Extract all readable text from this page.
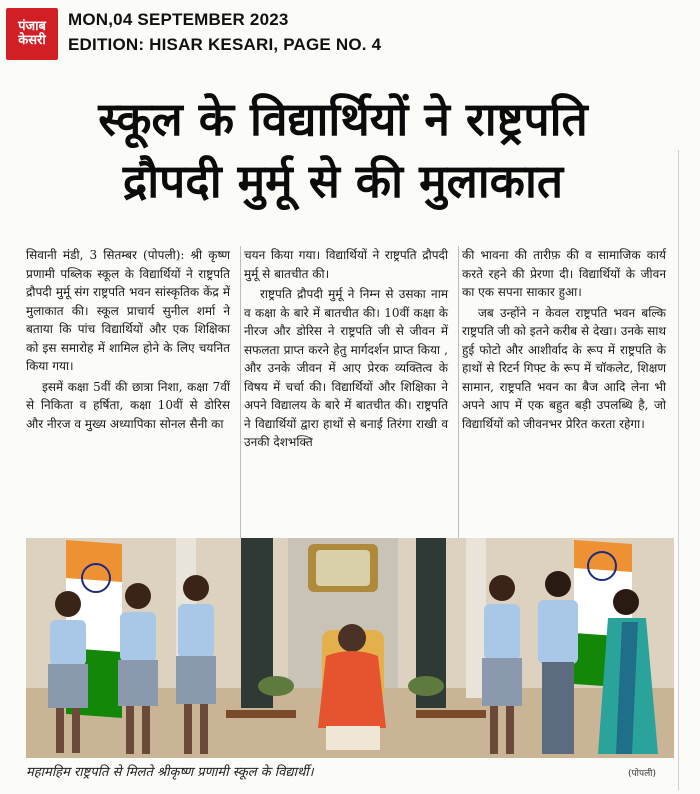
पंजाब
केसरी
MON,04 SEPTEMBER 2023
EDITION: HISAR KESARI, PAGE NO. 4
स्कूल के विद्यार्थियों ने राष्ट्रपति
द्रौपदी मुर्मू से की मुलाकात

सिवानी मंडी, 3 सितम्बर (पोपली): श्री कृष्ण प्रणामी पब्लिक स्कूल के विद्यार्थियों ने राष्ट्रपति द्रौपदी मुर्मू संग राष्ट्रपति भवन सांस्कृतिक केंद्र में मुलाकात की। स्कूल प्राचार्य सुनील शर्मा ने बताया कि पांच विद्यार्थियों और एक शिक्षिका को इस समारोह में शामिल होने के लिए चयनित किया गया।

इसमें कक्षा 5वीं की छात्रा निशा, कक्षा 7वीं से निकिता व हर्षिता, कक्षा 10वीं से डोरिस और नीरज व मुख्य अध्यापिका सोनल सैनी का

चयन किया गया। विद्यार्थियों ने राष्ट्रपति द्रौपदी मुर्मू से बातचीत की।

राष्ट्रपति द्रौपदी मुर्मू ने निम्न से उसका नाम व कक्षा के बारे में बातचीत की। 10वीं कक्षा के नीरज और डोरिस ने राष्ट्रपति जी से जीवन में सफलता प्राप्त करने हेतु मार्गदर्शन प्राप्त किया , और उनके जीवन में आए प्रेरक व्यक्तित्व के विषय में चर्चा की। विद्यार्थियों और शिक्षिका ने अपने विद्यालय के बारे में बातचीत की। राष्ट्रपति ने विद्यार्थियों द्वारा हाथों से बनाई तिरंगा राखी व उनकी देशभक्ति

की भावना की तारीफ़ की व सामाजिक कार्य करते रहने की प्रेरणा दी। विद्यार्थियों के जीवन का एक सपना साकार हुआ।

जब उन्होंने न केवल राष्ट्रपति भवन बल्कि राष्ट्रपति जी को इतने करीब से देखा। उनके साथ हुई फोटो और आशीर्वाद के रूप में राष्ट्रपति के हाथों से रिटर्न गिफ्ट के रूप में चॉकलेट, शिक्षण सामान, राष्ट्रपति भवन का बैज आदि लेना भी अपने आप में एक बहुत बड़ी उपलब्धि है, जो विद्यार्थियों को जीवनभर प्रेरित करता रहेगा।

महामहिम राष्ट्रपति से मिलते श्रीकृष्ण प्रणामी स्कूल के विद्यार्थी।	(पोपली)
